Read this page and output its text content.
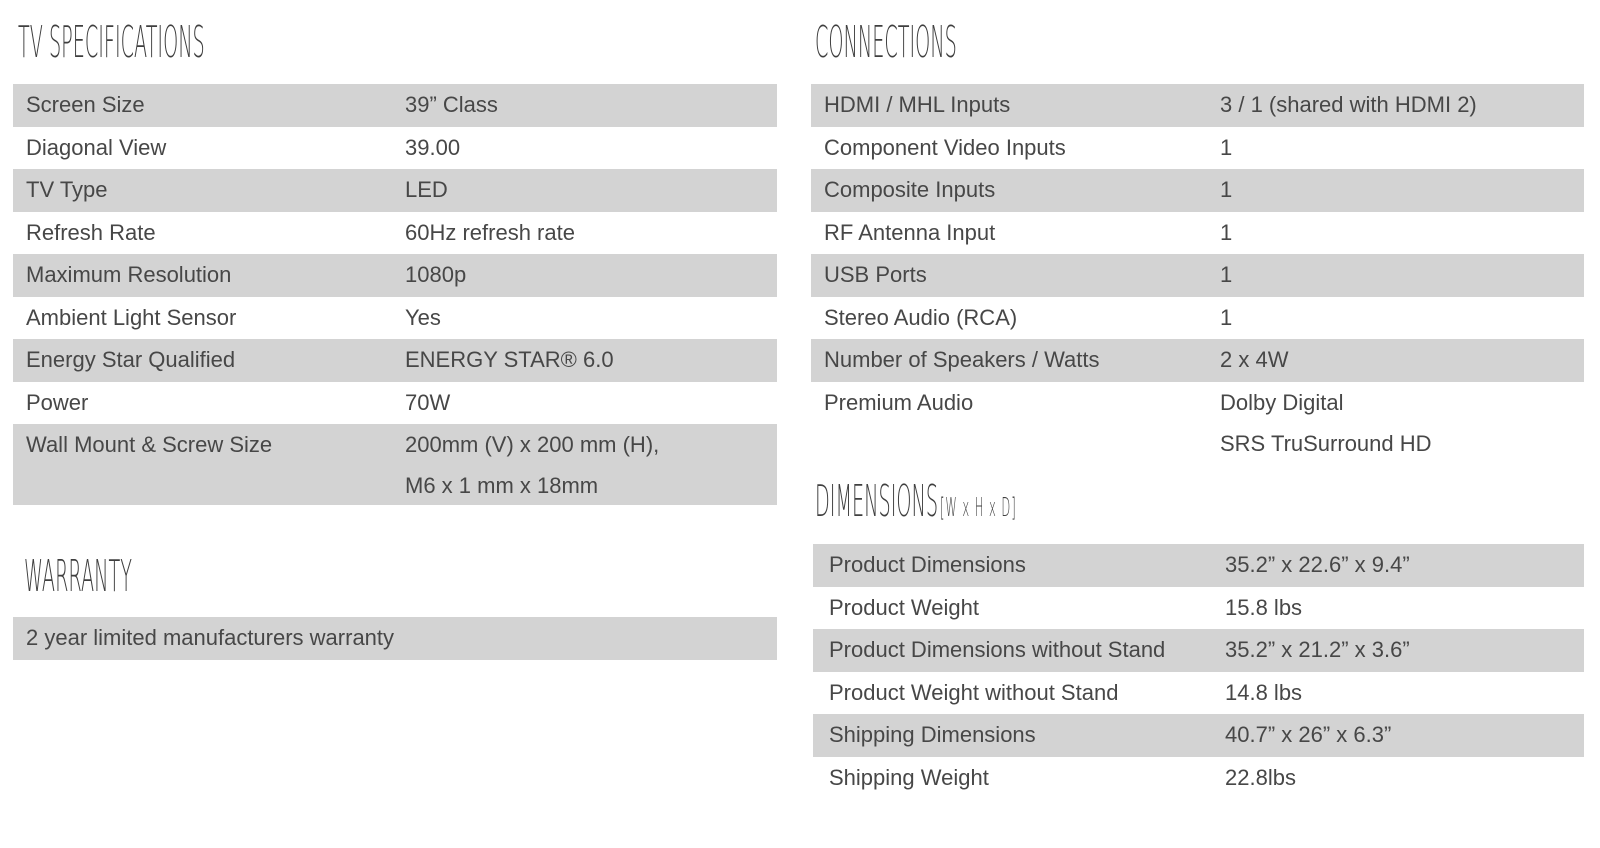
TV SPECIFICATIONS
Screen Size	39” Class
Diagonal View	39.00
TV Type	LED
Refresh Rate	60Hz refresh rate
Maximum Resolution	1080p
Ambient Light Sensor	Yes
Energy Star Qualified	ENERGY STAR® 6.0
Power	70W
Wall Mount & Screw Size	200mm (V) x 200 mm (H),
M6 x 1 mm x 18mm
WARRANTY
2 year limited manufacturers warranty
CONNECTIONS
HDMI / MHL Inputs	3 / 1 (shared with HDMI 2)
Component Video Inputs	1
Composite Inputs	1
RF Antenna Input	1
USB Ports	1
Stereo Audio (RCA)	1
Number of Speakers / Watts	2 x 4W
Premium Audio	Dolby Digital
SRS TruSurround HD
DIMENSIONS[W x H x D]
Product Dimensions	35.2” x 22.6” x 9.4”
Product Weight	15.8 lbs
Product Dimensions without Stand	35.2” x 21.2” x 3.6”
Product Weight without Stand	14.8 lbs
Shipping Dimensions	40.7” x 26” x 6.3”
Shipping Weight	22.8lbs
